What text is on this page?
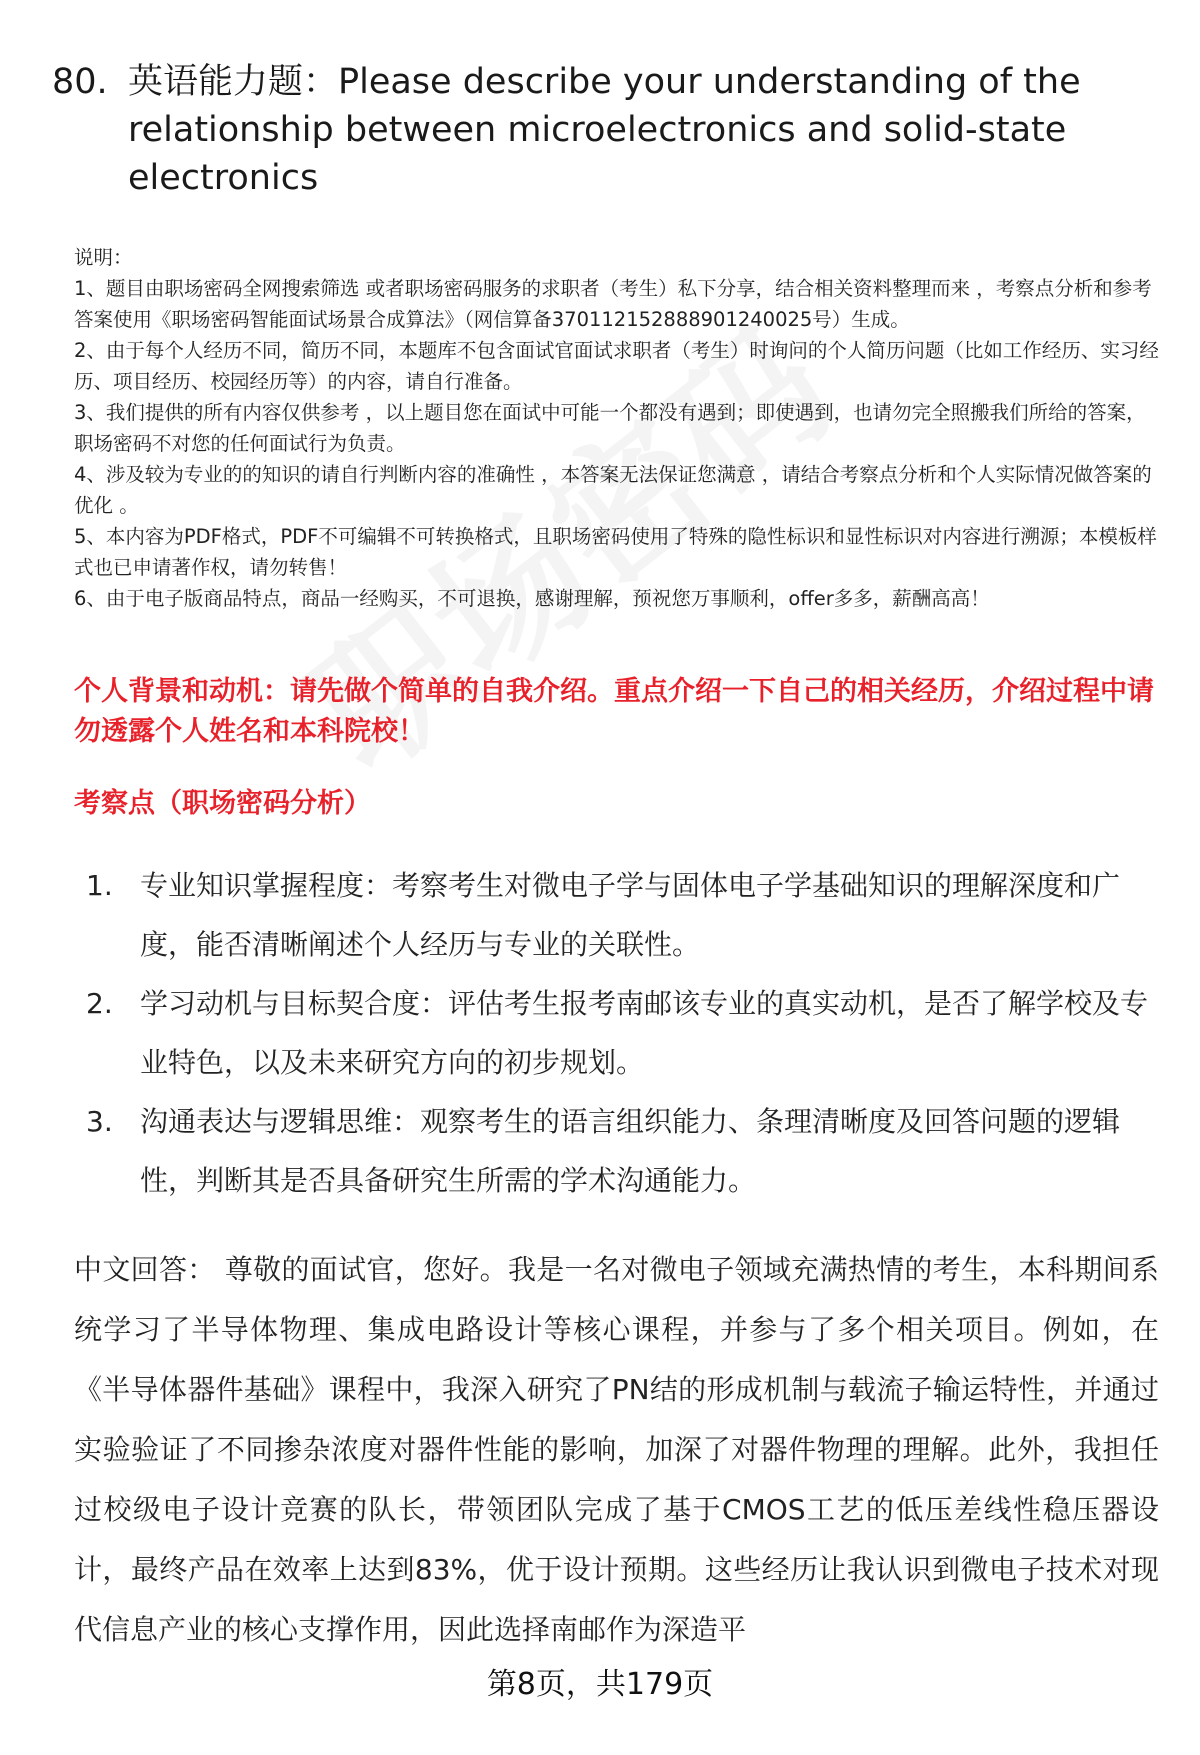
80. 英语能力题：Please describe your understanding of the relationship between microelectronics and solid-state electronics

说明：

1、题目由职场密码全网搜索筛选 或者职场密码服务的求职者（考生）私下分享，结合相关资料整理而来 ，考察点分析和参考答案使用《职场密码智能面试场景合成算法》（网信算备370112152888901240025号）生成。

2、由于每个人经历不同，简历不同，本题库不包含面试官面试求职者（考生）时询问的个人简历问题（比如工作经历、实习经历、项目经历、校园经历等）的内容，请自行准备。

3、我们提供的所有内容仅供参考 ，以上题目您在面试中可能一个都没有遇到；即使遇到，也请勿完全照搬我们所给的答案，职场密码不对您的任何面试行为负责。

4、涉及较为专业的的知识的请自行判断内容的准确性 ，本答案无法保证您满意 ，请结合考察点分析和个人实际情况做答案的优化 。

5、本内容为PDF格式，PDF不可编辑不可转换格式，且职场密码使用了特殊的隐性标识和显性标识对内容进行溯源；本模板样式也已申请著作权，请勿转售！

6、由于电子版商品特点，商品一经购买，不可退换，感谢理解，预祝您万事顺利，offer多多，薪酬高高！

个人背景和动机：请先做个简单的自我介绍。重点介绍一下自己的相关经历，介绍过程中请勿透露个人姓名和本科院校！
考察点（职场密码分析）
1. 专业知识掌握程度：考察考生对微电子学与固体电子学基础知识的理解深度和广度，能否清晰阐述个人经历与专业的关联性。
2. 学习动机与目标契合度：评估考生报考南邮该专业的真实动机，是否了解学校及专业特色，以及未来研究方向的初步规划。
3. 沟通表达与逻辑思维：观察考生的语言组织能力、条理清晰度及回答问题的逻辑性，判断其是否具备研究生所需的学术沟通能力。
中文回答： 尊敬的面试官，您好。我是一名对微电子领域充满热情的考生，本科期间系统学习了半导体物理、集成电路设计等核心课程，并参与了多个相关项目。例如，在《半导体器件基础》课程中，我深入研究了PN结的形成机制与载流子输运特性，并通过实验验证了不同掺杂浓度对器件性能的影响，加深了对器件物理的理解。此外，我担任过校级电子设计竞赛的队长，带领团队完成了基于CMOS工艺的低压差线性稳压器设计，最终产品在效率上达到83%，优于设计预期。这些经历让我认识到微电子技术对现代信息产业的核心支撑作用，因此选择南邮作为深造平
第8页，共179页
